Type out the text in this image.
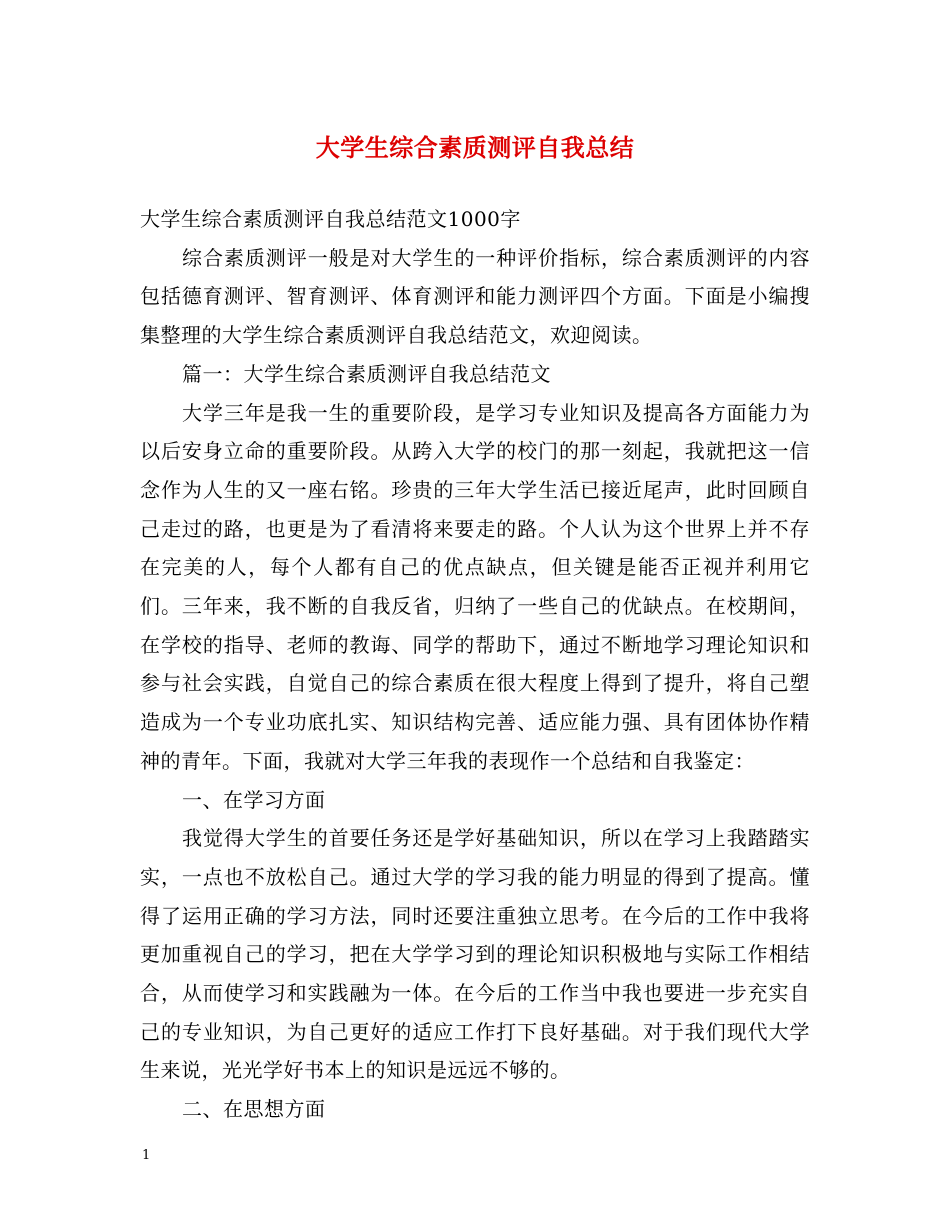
大学生综合素质测评自我总结

大学生综合素质测评自我总结范文1000字

综合素质测评一般是对大学生的一种评价指标，综合素质测评的内容包括德育测评、智育测评、体育测评和能力测评四个方面。下面是小编搜集整理的大学生综合素质测评自我总结范文，欢迎阅读。

篇一：大学生综合素质测评自我总结范文

大学三年是我一生的重要阶段，是学习专业知识及提高各方面能力为以后安身立命的重要阶段。从跨入大学的校门的那一刻起，我就把这一信念作为人生的又一座右铭。珍贵的三年大学生活已接近尾声，此时回顾自己走过的路，也更是为了看清将来要走的路。个人认为这个世界上并不存在完美的人，每个人都有自己的优点缺点，但关键是能否正视并利用它们。三年来，我不断的自我反省，归纳了一些自己的优缺点。在校期间，在学校的指导、老师的教诲、同学的帮助下，通过不断地学习理论知识和参与社会实践，自觉自己的综合素质在很大程度上得到了提升，将自己塑造成为一个专业功底扎实、知识结构完善、适应能力强、具有团体协作精神的青年。下面，我就对大学三年我的表现作一个总结和自我鉴定：

一、在学习方面

我觉得大学生的首要任务还是学好基础知识，所以在学习上我踏踏实实，一点也不放松自己。通过大学的学习我的能力明显的得到了提高。懂得了运用正确的学习方法，同时还要注重独立思考。在今后的工作中我将更加重视自己的学习，把在大学学习到的理论知识积极地与实际工作相结合，从而使学习和实践融为一体。在今后的工作当中我也要进一步充实自己的专业知识，为自己更好的适应工作打下良好基础。对于我们现代大学生来说，光光学好书本上的知识是远远不够的。

二、在思想方面

1
